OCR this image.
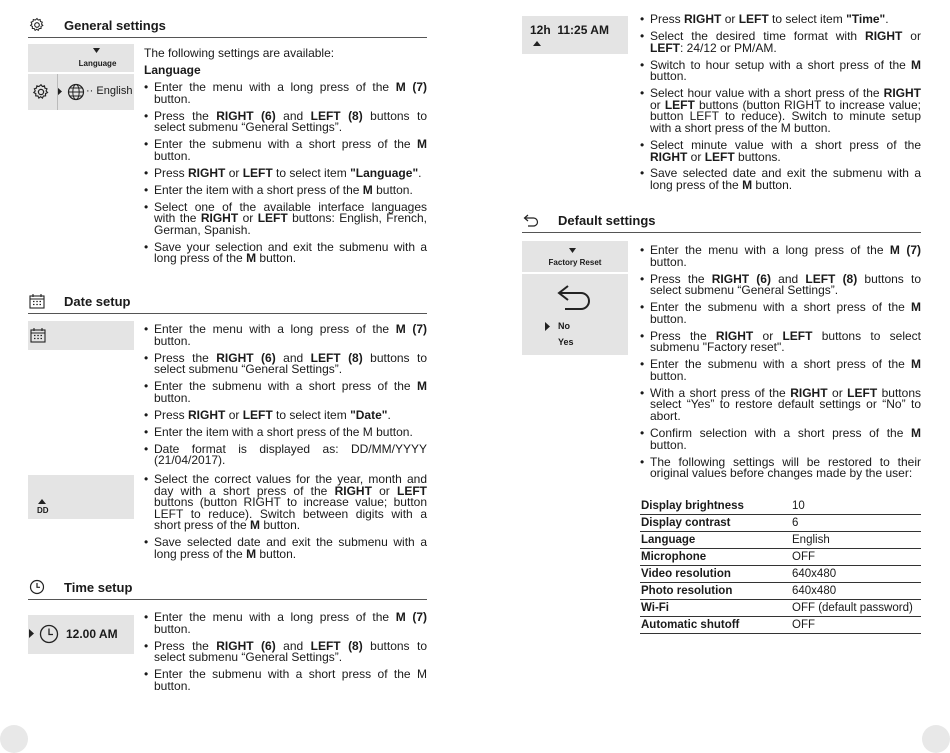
General settings
Language
·· English
The following settings are available:
Language
• Enter the menu with a long press of the M (7) button.
• Press the RIGHT (6) and LEFT (8) buttons to select submenu “General Settings”.
• Enter the submenu with a short press of the M button.
• Press RIGHT or LEFT to select item "Language".
• Enter the item with a short press of the M button.
• Select one of the available interface languages with the RIGHT or LEFT buttons: English, French, German, Spanish.
• Save your selection and exit the submenu with a long press of the M button.
Date setup
• Enter the menu with a long press of the M (7) button.
• Press the RIGHT (6) and LEFT (8) buttons to select submenu “General Settings”.
• Enter the submenu with a short press of the M button.
• Press RIGHT or LEFT to select item "Date".
• Enter the item with a short press of the M button.
• Date format is displayed as: DD/MM/YYYY (21/04/2017).
DD
• Select the correct values for the year, month and day with a short press of the RIGHT or LEFT buttons (button RIGHT to increase value; button LEFT to reduce). Switch between digits with a short press of the M button.
• Save selected date and exit the submenu with a long press of the M button.
Time setup
12.00 AM
• Enter the menu with a long press of the M (7) button.
• Press the RIGHT (6) and LEFT (8) buttons to select submenu “General Settings”.
• Enter the submenu with a short press of the M button.
12h 11:25 AM
• Press RIGHT or LEFT to select item "Time".
• Select the desired time format with RIGHT or LEFT: 24/12 or PM/AM.
• Switch to hour setup with a short press of the M button.
• Select hour value with a short press of the RIGHT or LEFT buttons (button RIGHT to increase value; button LEFT to reduce). Switch to minute setup with a short press of the M button.
• Select minute value with a short press of the RIGHT or LEFT buttons.
• Save selected date and exit the submenu with a long press of the M button.
Default settings
Factory Reset
No
Yes
• Enter the menu with a long press of the M (7) button.
• Press the RIGHT (6) and LEFT (8) buttons to select submenu “General Settings”.
• Enter the submenu with a short press of the M button.
• Press the RIGHT or LEFT buttons to select submenu "Factory reset".
• Enter the submenu with a short press of the M button.
• With a short press of the RIGHT or LEFT buttons select “Yes” to restore default settings or “No” to abort.
• Confirm selection with a short press of the M button.
• The following settings will be restored to their original values before changes made by the user:
Display brightness	10
Display contrast	6
Language	English
Microphone	OFF
Video resolution	640x480
Photo resolution	640x480
Wi-Fi	OFF (default password)
Automatic shutoff	OFF
